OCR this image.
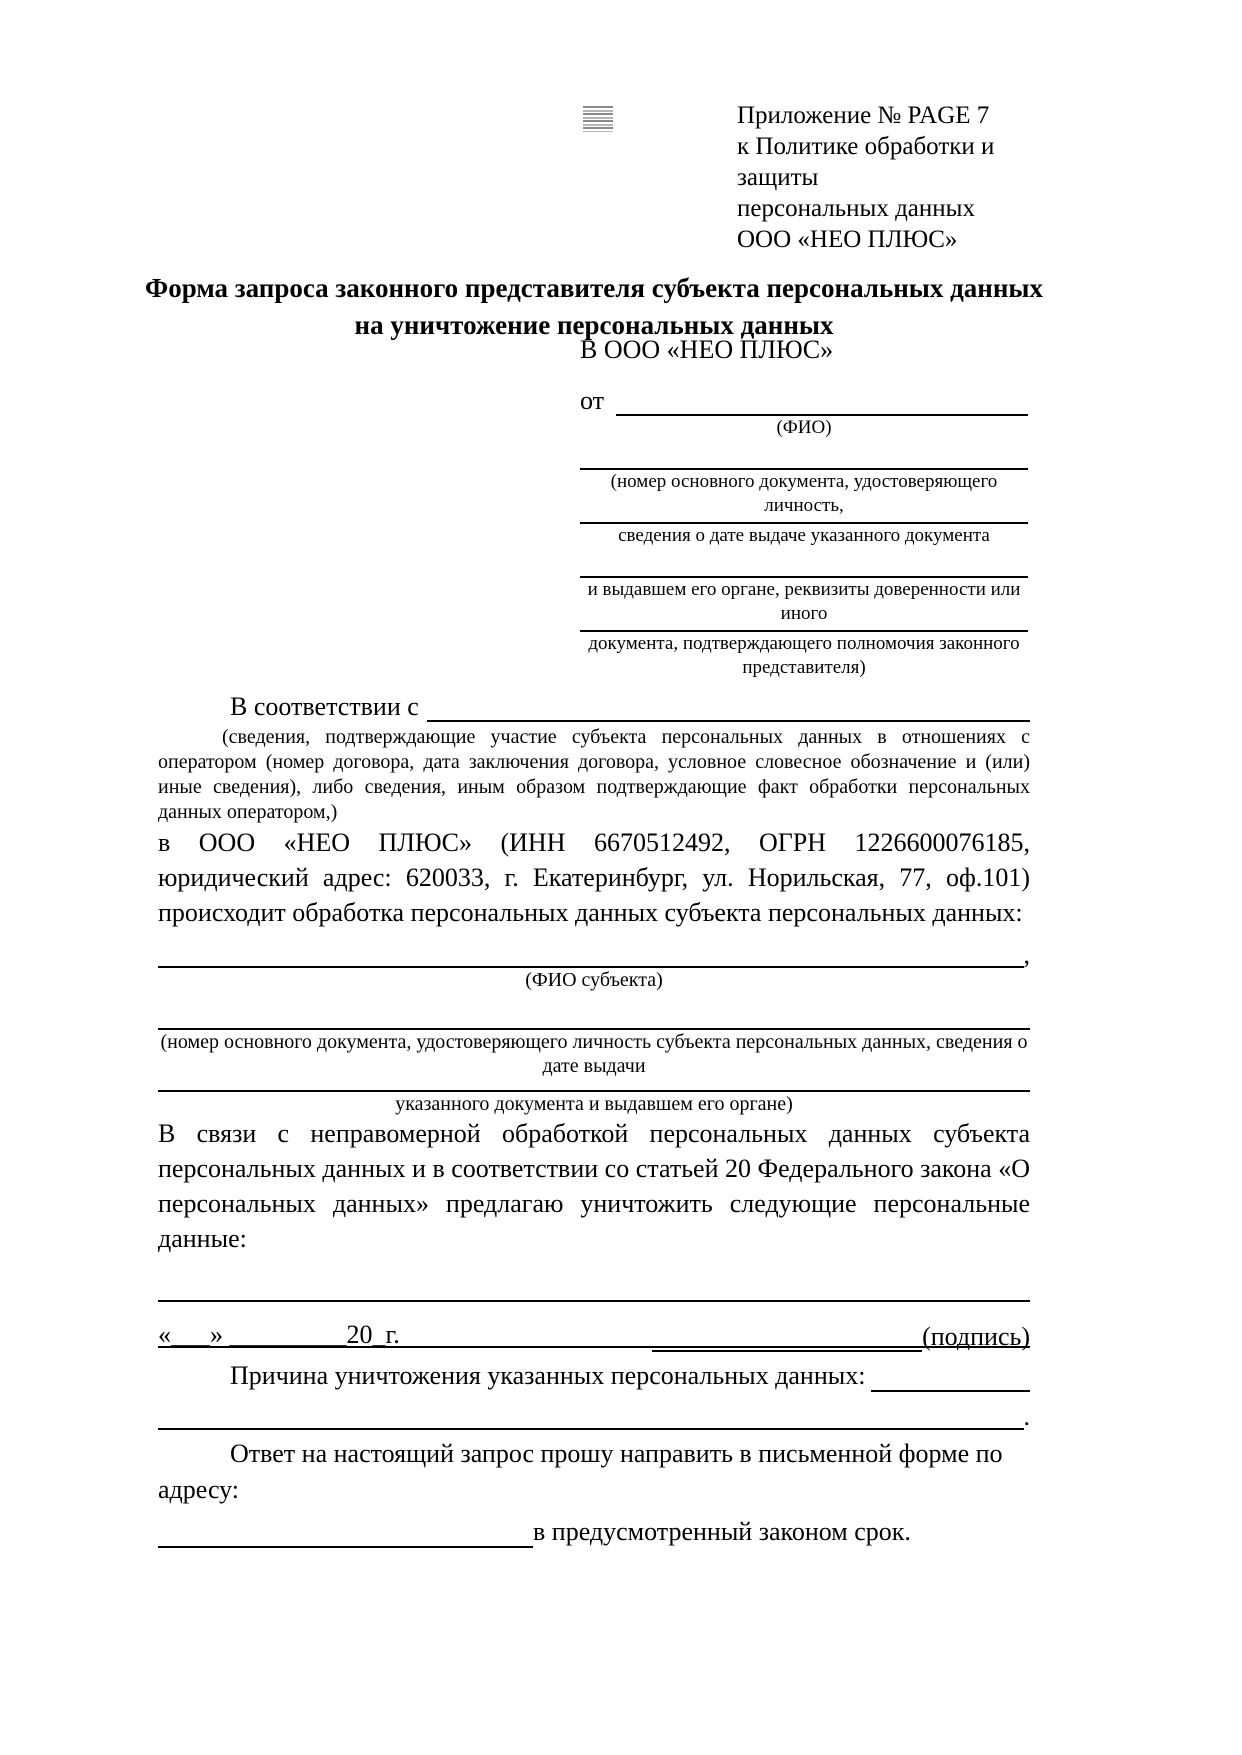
Приложение № PAGE 7
к Политике обработки и защиты
персональных данных
ООО «НЕО ПЛЮС»
Форма запроса законного представителя субъекта персональных данных
на уничтожение персональных данных
В ООО «НЕО ПЛЮС»
от
(ФИО)
(номер основного документа, удостоверяющего личность,
сведения о дате выдаче указанного документа
и выдавшем его органе, реквизиты доверенности или иного
документа, подтверждающего полномочия законного представителя)
В соответствии с
(сведения, подтверждающие участие субъекта персональных данных в отношениях с оператором (номер договора, дата заключения договора, условное словесное обозначение и (или) иные сведения), либо сведения, иным образом подтверждающие факт обработки персональных данных оператором,)
в ООО «НЕО ПЛЮС» (ИНН 6670512492, ОГРН 1226600076185, юридический адрес: 620033, г. Екатеринбург, ул. Норильская, 77, оф.101) происходит обработка персональных данных субъекта персональных данных:
,
(ФИО субъекта)
(номер основного документа, удостоверяющего личность субъекта персональных данных, сведения о дате выдачи
указанного документа и выдавшем его органе)
В связи с неправомерной обработкой персональных данных субъекта персональных данных и в соответствии со статьей 20 Федерального закона «О персональных данных» предлагаю уничтожить следующие персональные данные:
Причина уничтожения указанных персональных данных:
.
Ответ на настоящий запрос прошу направить в письменной форме по адресу:
в предусмотренный законом срок.
«___» _________20_г.	(подпись)
